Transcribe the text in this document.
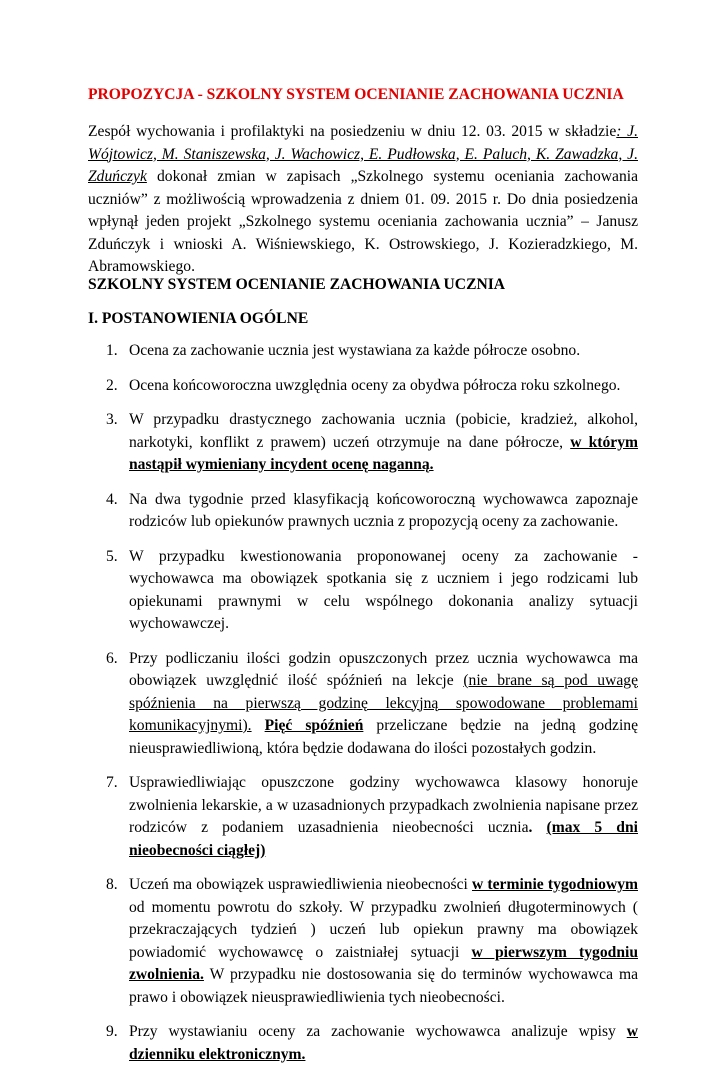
PROPOZYCJA - SZKOLNY SYSTEM OCENIANIE ZACHOWANIA UCZNIA

Zespół wychowania i profilaktyki na posiedzeniu w dniu 12. 03. 2015 w składzie: J. Wójtowicz, M. Staniszewska, J. Wachowicz, E. Pudłowska, E. Paluch, K. Zawadzka, J. Zduńczyk dokonał zmian w zapisach „Szkolnego systemu oceniania zachowania uczniów” z możliwością wprowadzenia z dniem 01. 09. 2015 r. Do dnia posiedzenia wpłynął jeden projekt „Szkolnego systemu oceniania zachowania ucznia” – Janusz Zduńczyk i wnioski A. Wiśniewskiego, K. Ostrowskiego, J. Kozieradzkiego, M. Abramowskiego.

SZKOLNY SYSTEM OCENIANIE ZACHOWANIA UCZNIA

I. POSTANOWIENIA OGÓLNE

1. Ocena za zachowanie ucznia jest wystawiana za każde półrocze osobno.
2. Ocena końcoworoczna uwzględnia oceny za obydwa półrocza roku szkolnego.
3. W przypadku drastycznego zachowania ucznia (pobicie, kradzież, alkohol, narkotyki, konflikt z prawem) uczeń otrzymuje na dane półrocze, w którym nastąpił wymieniany incydent ocenę naganną.
4. Na dwa tygodnie przed klasyfikacją końcoworoczną wychowawca zapoznaje rodziców lub opiekunów prawnych ucznia z propozycją oceny za zachowanie.
5. W przypadku kwestionowania proponowanej oceny za zachowanie - wychowawca ma obowiązek spotkania się z uczniem i jego rodzicami lub opiekunami prawnymi w celu wspólnego dokonania analizy sytuacji wychowawczej.
6. Przy podliczaniu ilości godzin opuszczonych przez ucznia wychowawca ma obowiązek uwzględnić ilość spóźnień na lekcje (nie brane są pod uwagę spóźnienia na pierwszą godzinę lekcyjną spowodowane problemami komunikacyjnymi). Pięć spóźnień przeliczane będzie na jedną godzinę nieusprawiedliwioną, która będzie dodawana do ilości pozostałych godzin.
7. Usprawiedliwiając opuszczone godziny wychowawca klasowy honoruje zwolnienia lekarskie, a w uzasadnionych przypadkach zwolnienia napisane przez rodziców z podaniem uzasadnienia nieobecności ucznia. (max 5 dni nieobecności ciągłej)
8. Uczeń ma obowiązek usprawiedliwienia nieobecności w terminie tygodniowym od momentu powrotu do szkoły. W przypadku zwolnień długoterminowych ( przekraczających tydzień ) uczeń lub opiekun prawny ma obowiązek powiadomić wychowawcę o zaistniałej sytuacji w pierwszym tygodniu zwolnienia. W przypadku nie dostosowania się do terminów wychowawca ma prawo i obowiązek nieusprawiedliwienia tych nieobecności.
9. Przy wystawianiu oceny za zachowanie wychowawca analizuje wpisy w dzienniku elektronicznym.
